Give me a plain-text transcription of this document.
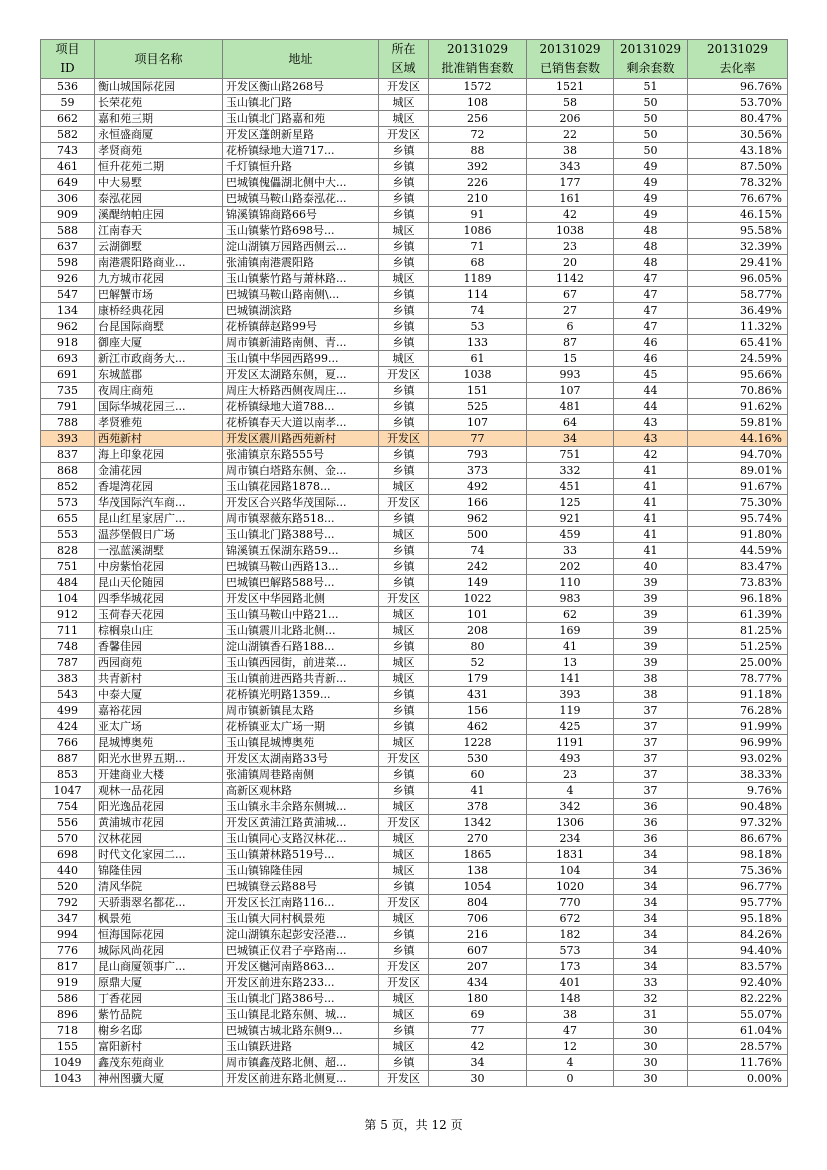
项目	项目名称	地址	所在	20131029	20131029	20131029	20131029
ID			区域	批准销售套数	已销售套数	剩余套数	去化率
536	衡山城国际花园	开发区衡山路268号	开发区	1572	1521	51	96.76%
59	长荣花苑	玉山镇北门路	城区	108	58	50	53.70%
662	嘉和苑三期	玉山镇北门路嘉和苑	城区	256	206	50	80.47%
582	永恒盛商厦	开发区蓬朗新星路	开发区	72	22	50	30.56%
743	孝贤商苑	花桥镇绿地大道717...	乡镇	88	38	50	43.18%
461	恒升花苑二期	千灯镇恒升路	乡镇	392	343	49	87.50%
649	中大易墅	巴城镇傀儡湖北侧中大...	乡镇	226	177	49	78.32%
306	泰泓花园	巴城镇马鞍山路泰泓花...	乡镇	210	161	49	76.67%
909	溪醍纳帕庄园	锦溪镇锦商路66号	乡镇	91	42	49	46.15%
588	江南春天	玉山镇紫竹路698号...	城区	1086	1038	48	95.58%
637	云湖御墅	淀山湖镇万园路西侧云...	乡镇	71	23	48	32.39%
598	南港震阳路商业...	张浦镇南港震阳路	乡镇	68	20	48	29.41%
926	九方城市花园	玉山镇紫竹路与萧林路...	城区	1189	1142	47	96.05%
547	巴解蟹市场	巴城镇马鞍山路南侧\...	乡镇	114	67	47	58.77%
134	康桥经典花园	巴城镇湖滨路	乡镇	74	27	47	36.49%
962	台昆国际商墅	花桥镇薛赵路99号	乡镇	53	6	47	11.32%
918	御座大厦	周市镇新浦路南侧、青...	乡镇	133	87	46	65.41%
693	新江市政商务大...	玉山镇中华园西路99...	城区	61	15	46	24.59%
691	东城蓝郡	开发区太湖路东侧，夏...	开发区	1038	993	45	95.66%
735	夜周庄商苑	周庄大桥路西侧夜周庄...	乡镇	151	107	44	70.86%
791	国际华城花园三...	花桥镇绿地大道788...	乡镇	525	481	44	91.62%
788	孝贤雅苑	花桥镇春天大道以南孝...	乡镇	107	64	43	59.81%
393	西苑新村	开发区震川路西苑新村	开发区	77	34	43	44.16%
837	海上印象花园	张浦镇京东路555号	乡镇	793	751	42	94.70%
868	金浦花园	周市镇白塔路东侧、金...	乡镇	373	332	41	89.01%
852	香堤湾花园	玉山镇花园路1878...	城区	492	451	41	91.67%
573	华茂国际汽车商...	开发区合兴路华茂国际...	开发区	166	125	41	75.30%
655	昆山红星家居广...	周市镇翠薇东路518...	乡镇	962	921	41	95.74%
553	温莎堡假日广场	玉山镇北门路388号...	城区	500	459	41	91.80%
828	一泓蓝溪湖墅	锦溪镇五保湖东路59...	乡镇	74	33	41	44.59%
751	中房紫怡花园	巴城镇马鞍山西路13...	乡镇	242	202	40	83.47%
484	昆山天伦随园	巴城镇巴解路588号...	乡镇	149	110	39	73.83%
104	四季华城花园	开发区中华园路北侧	开发区	1022	983	39	96.18%
912	玉荷春天花园	玉山镇马鞍山中路21...	城区	101	62	39	61.39%
711	棕榈泉山庄	玉山镇震川北路北侧...	城区	208	169	39	81.25%
748	香馨佳园	淀山湖镇香石路188...	乡镇	80	41	39	51.25%
787	西园商苑	玉山镇西园街，前进菜...	城区	52	13	39	25.00%
383	共青新村	玉山镇前进西路共青新...	城区	179	141	38	78.77%
543	中泰大厦	花桥镇光明路1359...	乡镇	431	393	38	91.18%
499	嘉裕花园	周市镇新镇昆太路	乡镇	156	119	37	76.28%
424	亚太广场	花桥镇亚太广场一期	乡镇	462	425	37	91.99%
766	昆城博奥苑	玉山镇昆城博奥苑	城区	1228	1191	37	96.99%
887	阳光水世界五期...	开发区太湖南路33号	开发区	530	493	37	93.02%
853	开建商业大楼	张浦镇周巷路南侧	乡镇	60	23	37	38.33%
1047	观林一品花园	高新区观林路	乡镇	41	4	37	9.76%
754	阳光逸品花园	玉山镇永丰余路东侧城...	城区	378	342	36	90.48%
556	黄浦城市花园	开发区黄浦江路黄浦城...	开发区	1342	1306	36	97.32%
570	汉林花园	玉山镇同心支路汉林花...	城区	270	234	36	86.67%
698	时代文化家园二...	玉山镇萧林路519号...	城区	1865	1831	34	98.18%
440	锦隆佳园	玉山镇锦隆佳园	城区	138	104	34	75.36%
520	清风华院	巴城镇登云路88号	乡镇	1054	1020	34	96.77%
792	天骄翡翠名都花...	开发区长江南路116...	开发区	804	770	34	95.77%
347	枫景苑	玉山镇大同村枫景苑	城区	706	672	34	95.18%
994	恒海国际花园	淀山湖镇东起彭安泾港...	乡镇	216	182	34	84.26%
776	城际风尚花园	巴城镇正仪君子亭路南...	乡镇	607	573	34	94.40%
817	昆山商厦领事广...	开发区樾河南路863...	开发区	207	173	34	83.57%
919	原鼎大厦	开发区前进东路233...	开发区	434	401	33	92.40%
586	丁香花园	玉山镇北门路386号...	城区	180	148	32	82.22%
896	紫竹品院	玉山镇昆北路东侧、城...	城区	69	38	31	55.07%
718	榭乡名邸	巴城镇古城北路东侧9...	乡镇	77	47	30	61.04%
155	富阳新村	玉山镇跃进路	城区	42	12	30	28.57%
1049	鑫茂东苑商业	周市镇鑫茂路北侧、超...	乡镇	34	4	30	11.76%
1043	神州图骥大厦	开发区前进东路北侧夏...	开发区	30	0	30	0.00%
第 5 页，共 12 页
